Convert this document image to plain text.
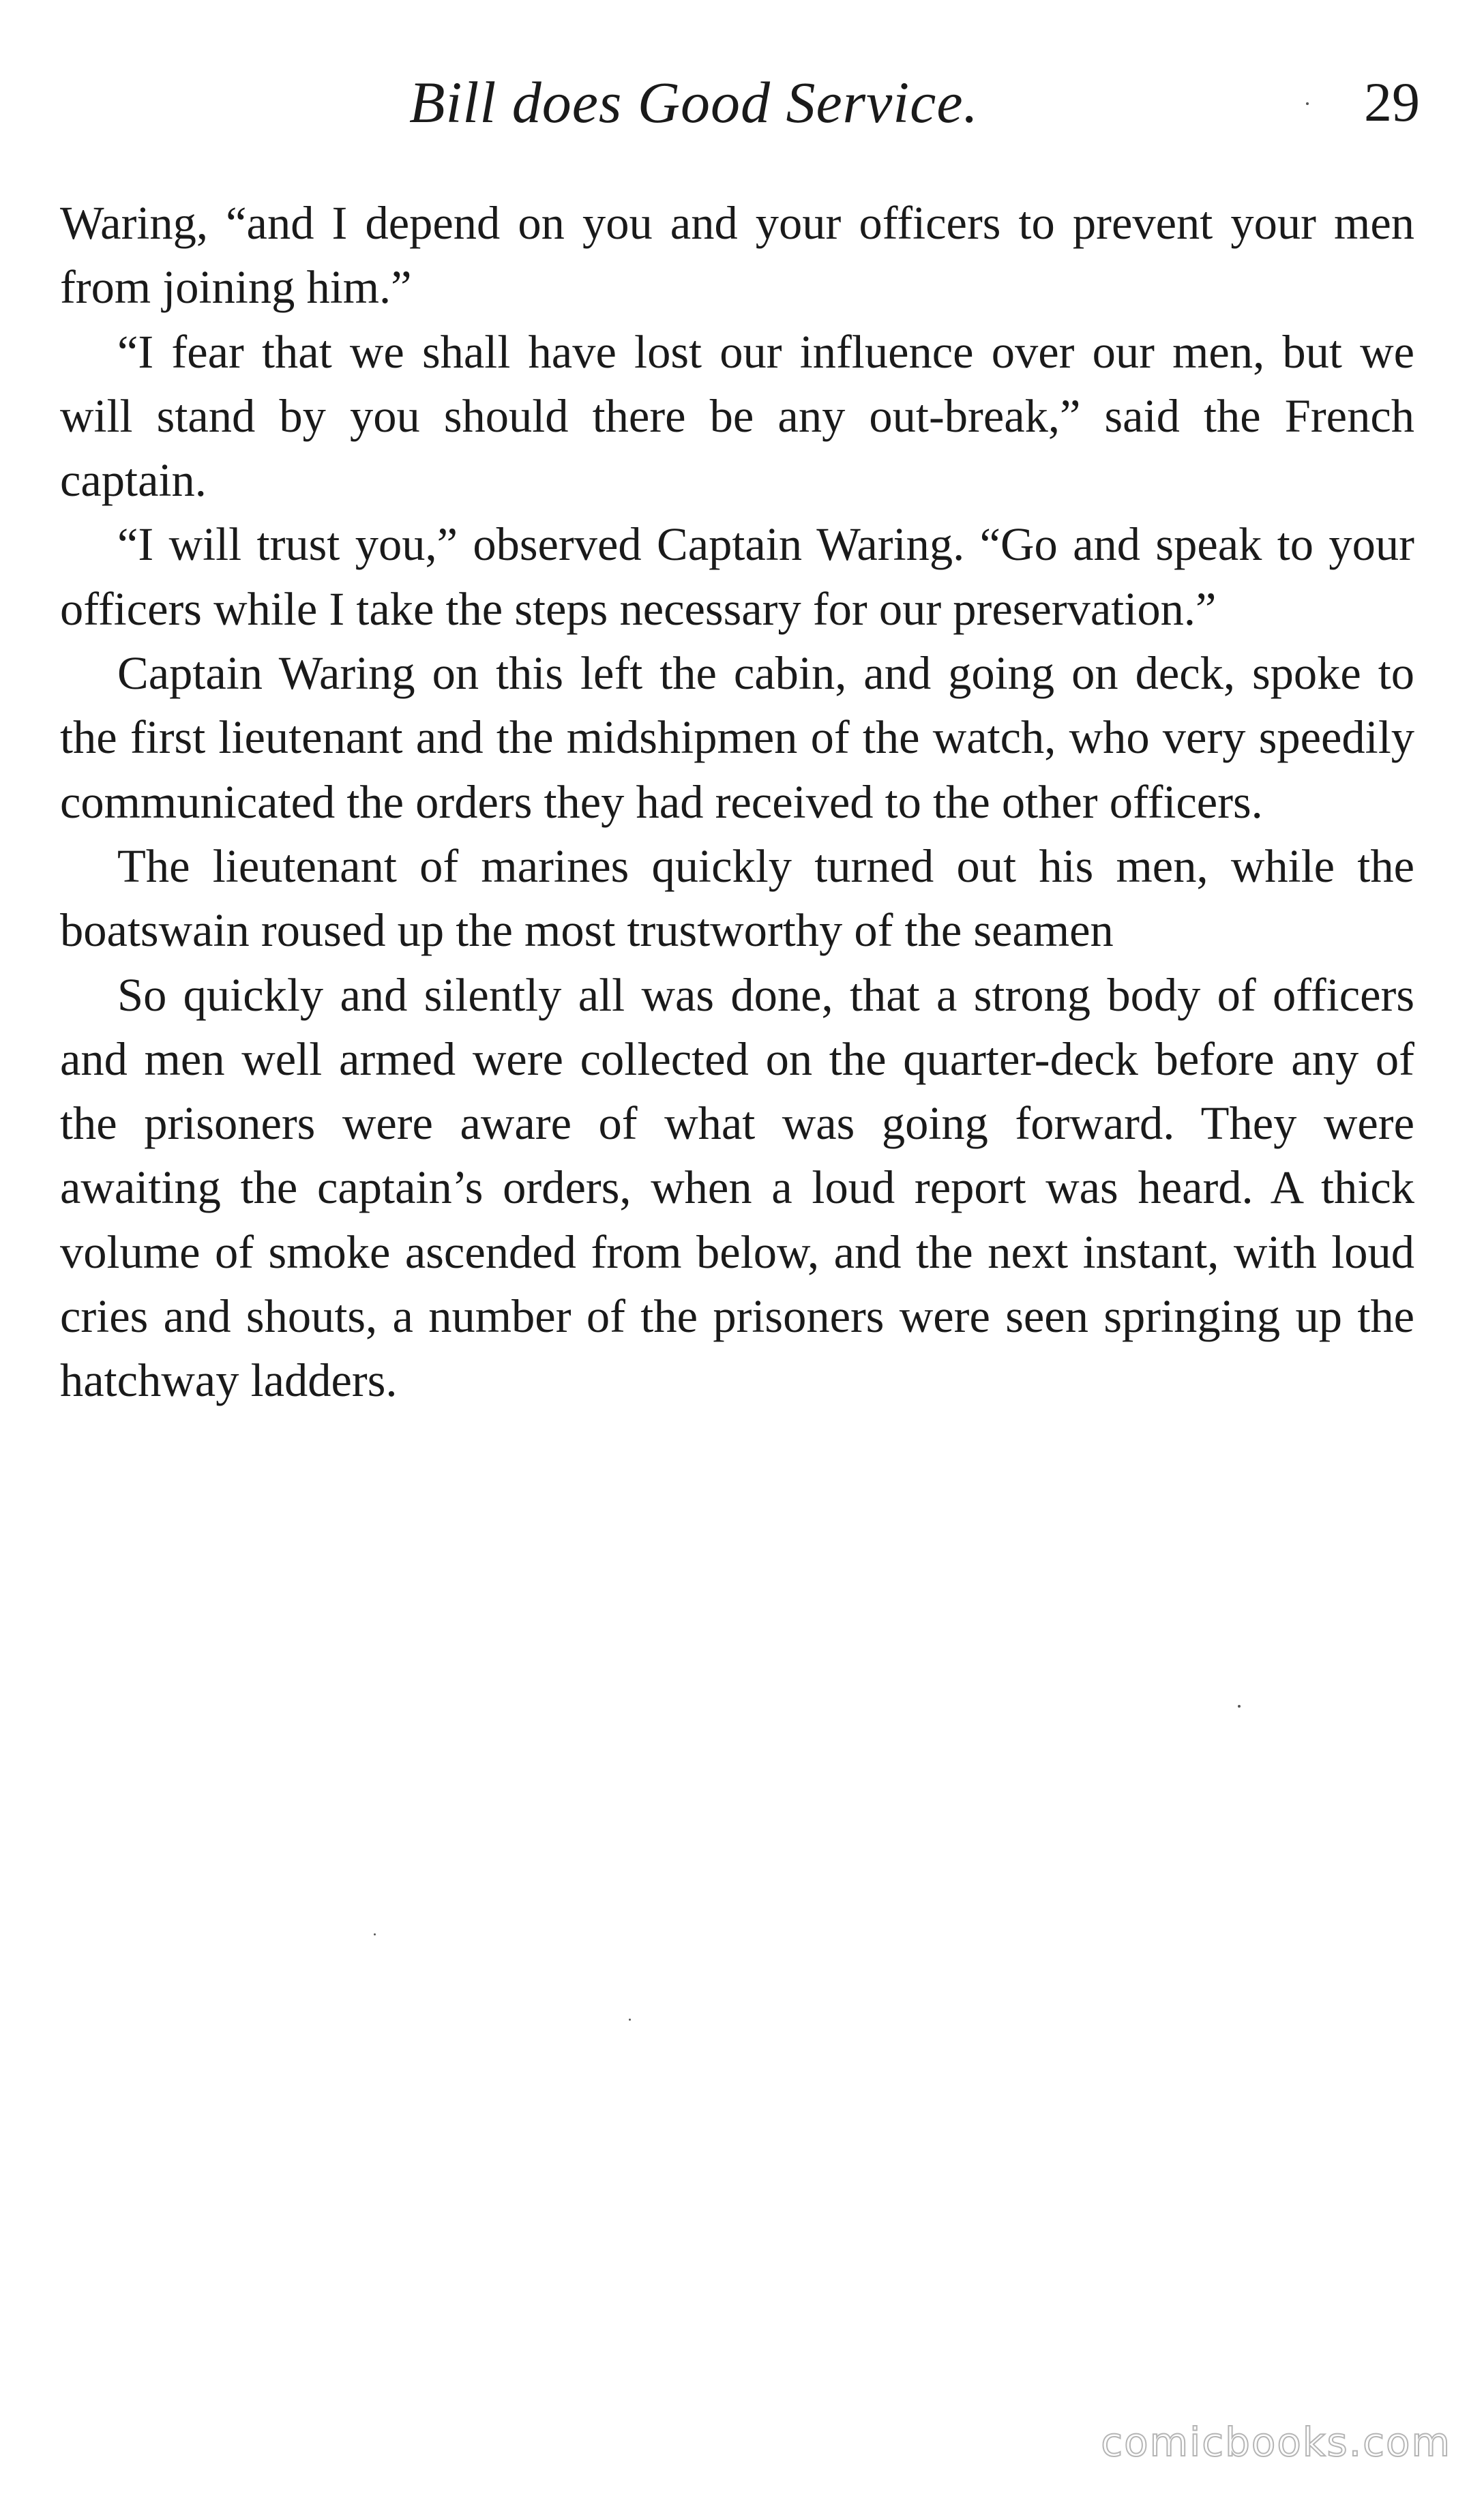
Bill does Good Service.	29

Waring, “and I depend on you and your officers to prevent your men from joining him.”

“I fear that we shall have lost our influence over our men, but we will stand by you should there be any out-break,” said the French captain.

“I will trust you,” observed Captain Waring. “Go and speak to your officers while I take the steps necessary for our preservation.”

Captain Waring on this left the cabin, and going on deck, spoke to the first lieutenant and the midshipmen of the watch, who very speedily communicated the orders they had received to the other officers.

The lieutenant of marines quickly turned out his men, while the boatswain roused up the most trustworthy of the seamen

So quickly and silently all was done, that a strong body of officers and men well armed were collected on the quarter-deck before any of the prisoners were aware of what was going forward. They were awaiting the captain’s orders, when a loud report was heard. A thick volume of smoke ascended from below, and the next instant, with loud cries and shouts, a number of the prisoners were seen springing up the hatchway ladders.

comicbooks.com
